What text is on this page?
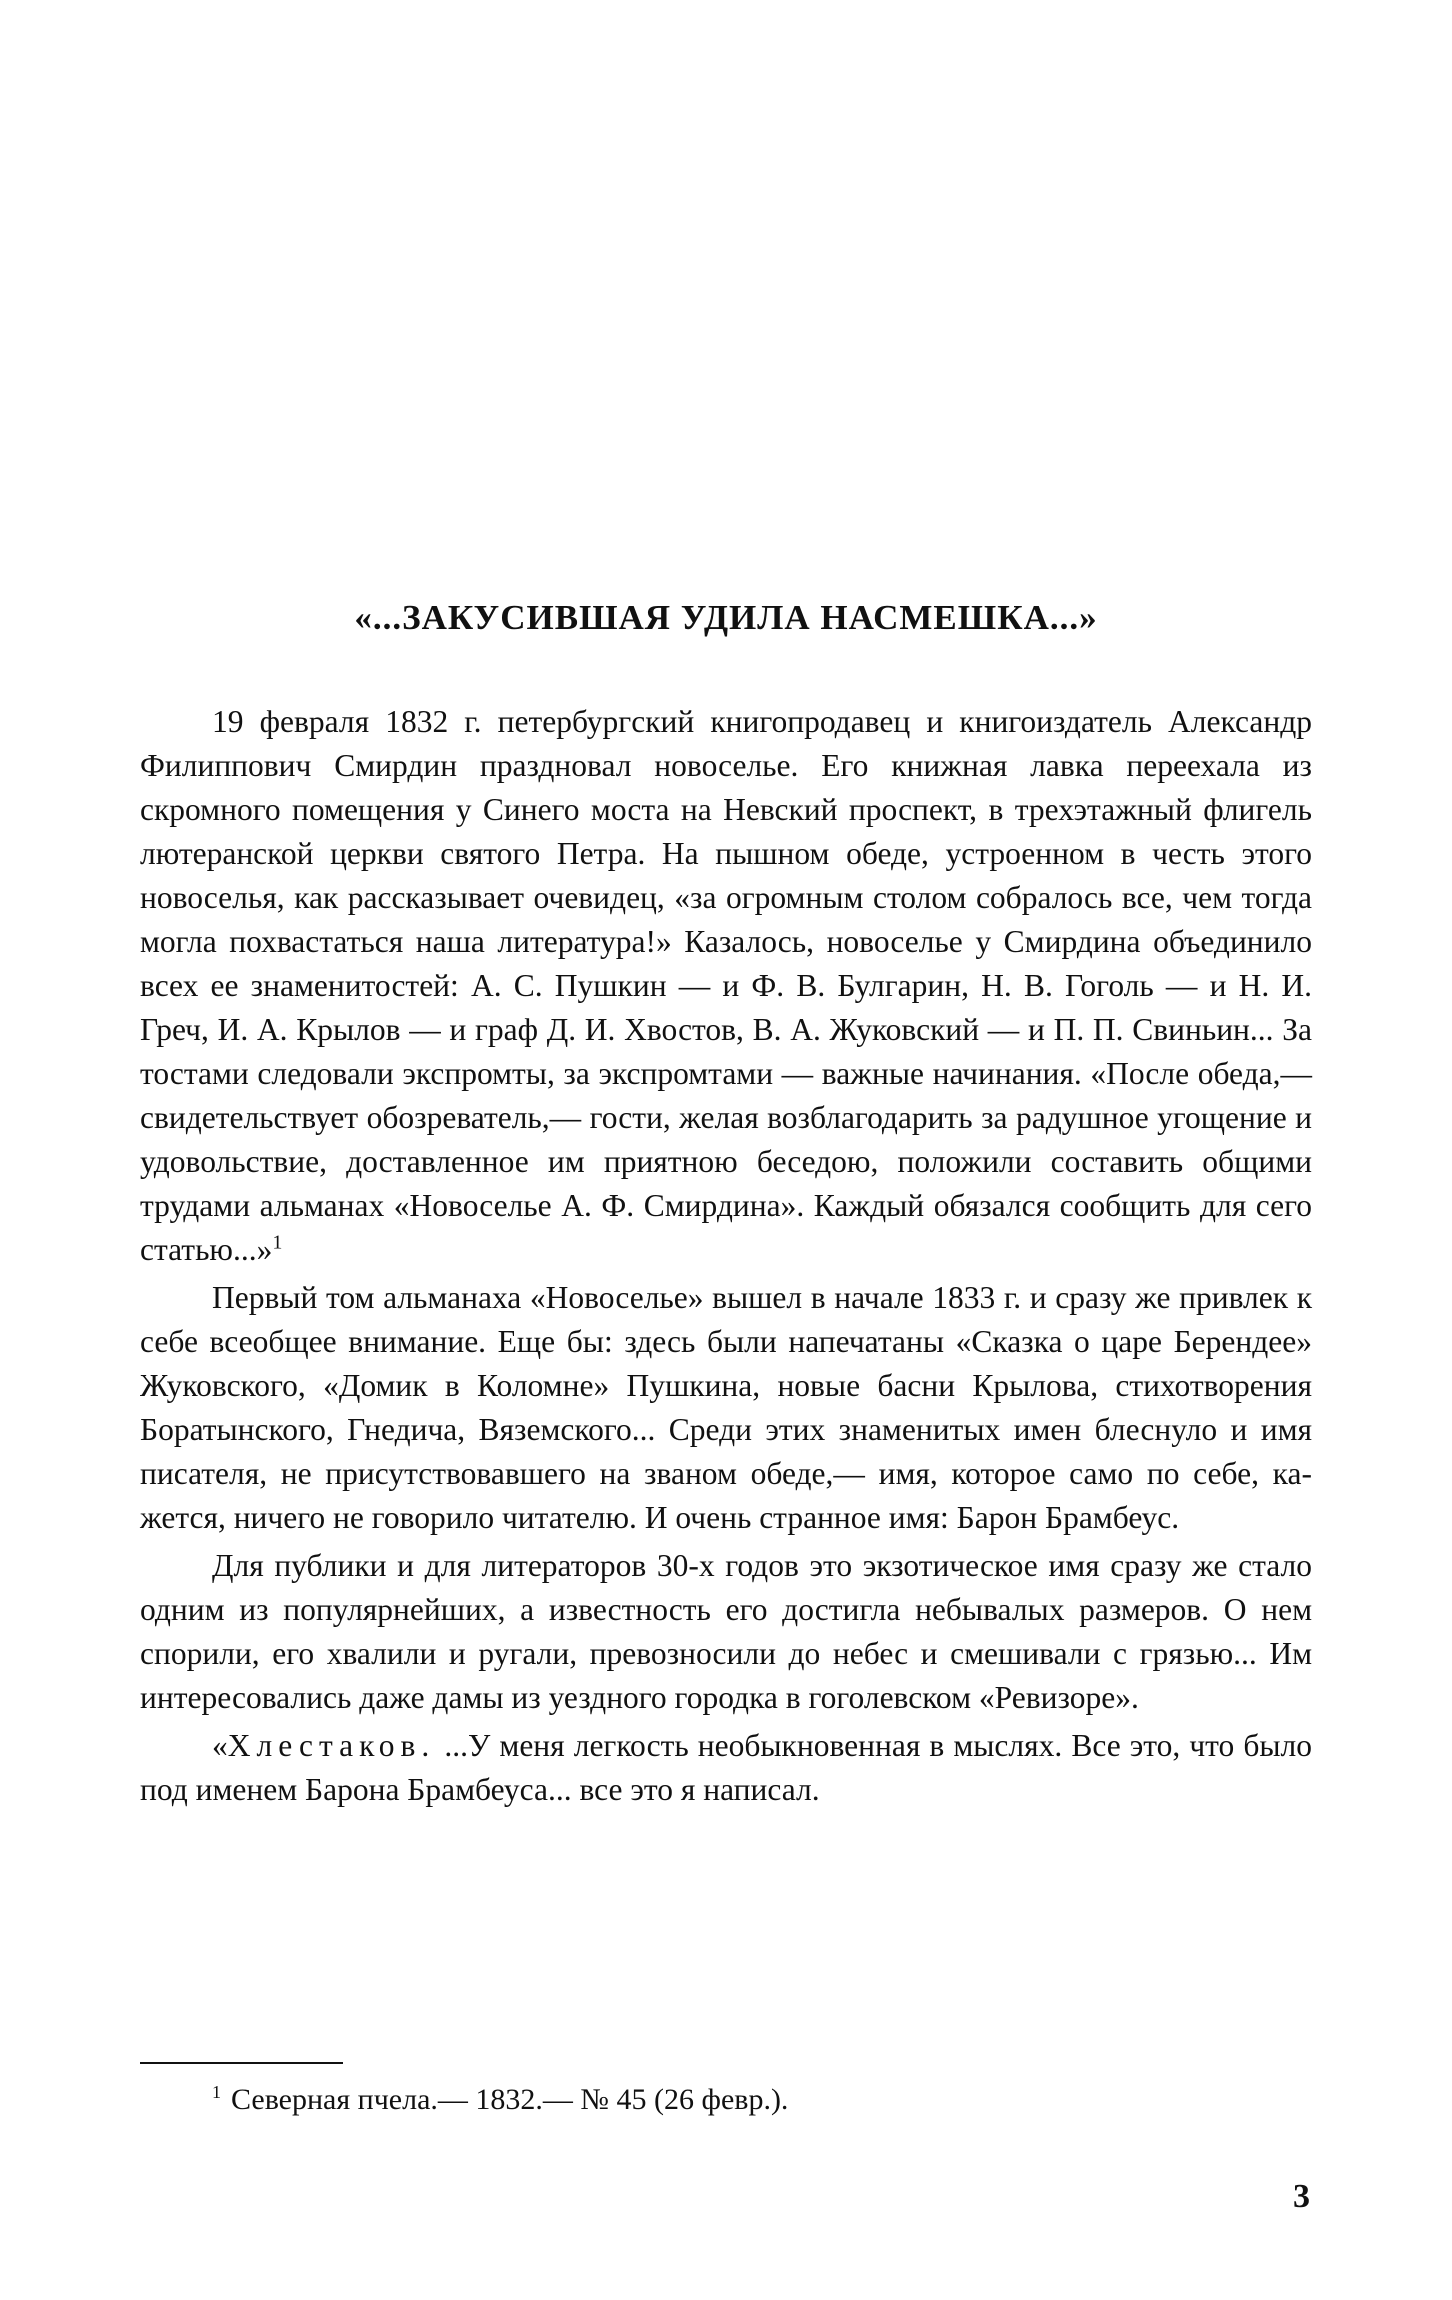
«...ЗАКУСИВШАЯ УДИЛА НАСМЕШКА...»

19 февраля 1832 г. петербургский книгопродавец и книгоиздатель Александр Филиппович Смирдин праздновал новоселье. Его книжная лавка переехала из скромного помещения у Синего моста на Невский проспект, в трехэтажный флигель лютеранской церкви святого Петра. На пышном обеде, устроенном в честь этого новоселья, как рассказывает очевидец, «за огромным столом собралось все, чем тогда могла похвастаться наша литература!» Казалось, новоселье у Смирдина объединило всех ее знаменитостей: А. С. Пушкин — и Ф. В. Булгарин, Н. В. Гоголь — и Н. И. Греч, И. А. Крылов — и граф Д. И. Хвостов, В. А. Жуковский — и П. П. Свиньин... За тостами следовали экспромты, за экспромтами — важные начинания. «После обеда,— свидетельствует обозреватель,— гости, желая возблагодарить за радушное угощение и удовольствие, доставленное им приятною беседою, положили составить общими трудами альманах «Новоселье А. Ф. Смирдина». Каждый обязался сообщить для сего статью...»$^1$

Первый том альманаха «Новоселье» вышел в начале 1833 г. и сразу же привлек к себе всеобщее внимание. Еще бы: здесь были напечатаны «Сказка о царе Берендее» Жуковского, «Домик в Коломне» Пушкина, новые басни Крылова, стихотворения Боратынского, Гнедича, Вяземского... Среди этих знаменитых имен блеснуло и имя писателя, не присутствовавшего на званом обеде,— имя, которое само по себе, кажется, ничего не говорило читателю. И очень странное имя: Барон Брамбеус.

Для публики и для литераторов 30-х годов это экзотическое имя сразу же стало одним из популярнейших, а известность его достигла небывалых размеров. О нем спорили, его хвалили и ругали, превозносили до небес и смешивали с грязью... Им интересовались даже дамы из уездного городка в гоголевском «Ревизоре».

«Хлестаков. ...У меня легкость необыкновенная в мыслях. Все это, что было под именем Барона Брамбеуса... все это я написал.

$^1$ Северная пчела.— 1832.— № 45 (26 февр.).
3
